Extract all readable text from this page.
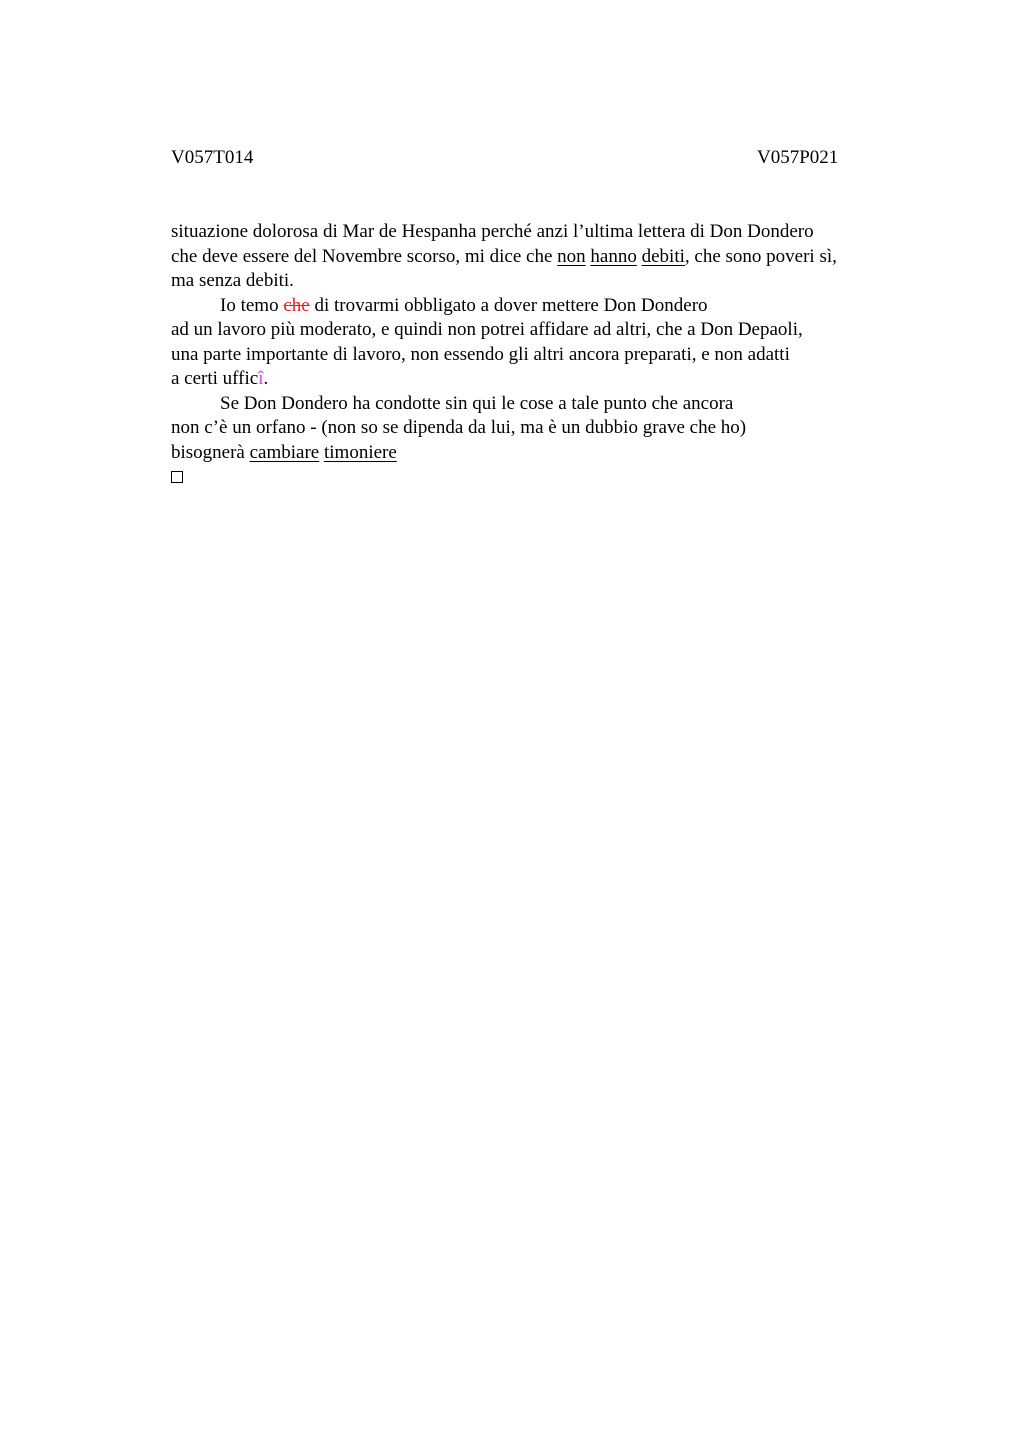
V057T014	V057P021
situazione dolorosa di Mar de Hespanha perché anzi l’ultima lettera di Don Dondero
che deve essere del Novembre scorso, mi dice che non hanno debiti, che sono poveri sì,
ma senza debiti.
Io temo che di trovarmi obbligato a dover mettere Don Dondero
ad un lavoro più moderato, e quindi non potrei affidare ad altri, che a Don Depaoli,
una parte importante di lavoro, non essendo gli altri ancora preparati, e non adatti
a certi ufficî.
Se Don Dondero ha condotte sin qui le cose a tale punto che ancora
non c’è un orfano - (non so se dipenda da lui, ma è un dubbio grave che ho)
bisognerà cambiare timoniere
